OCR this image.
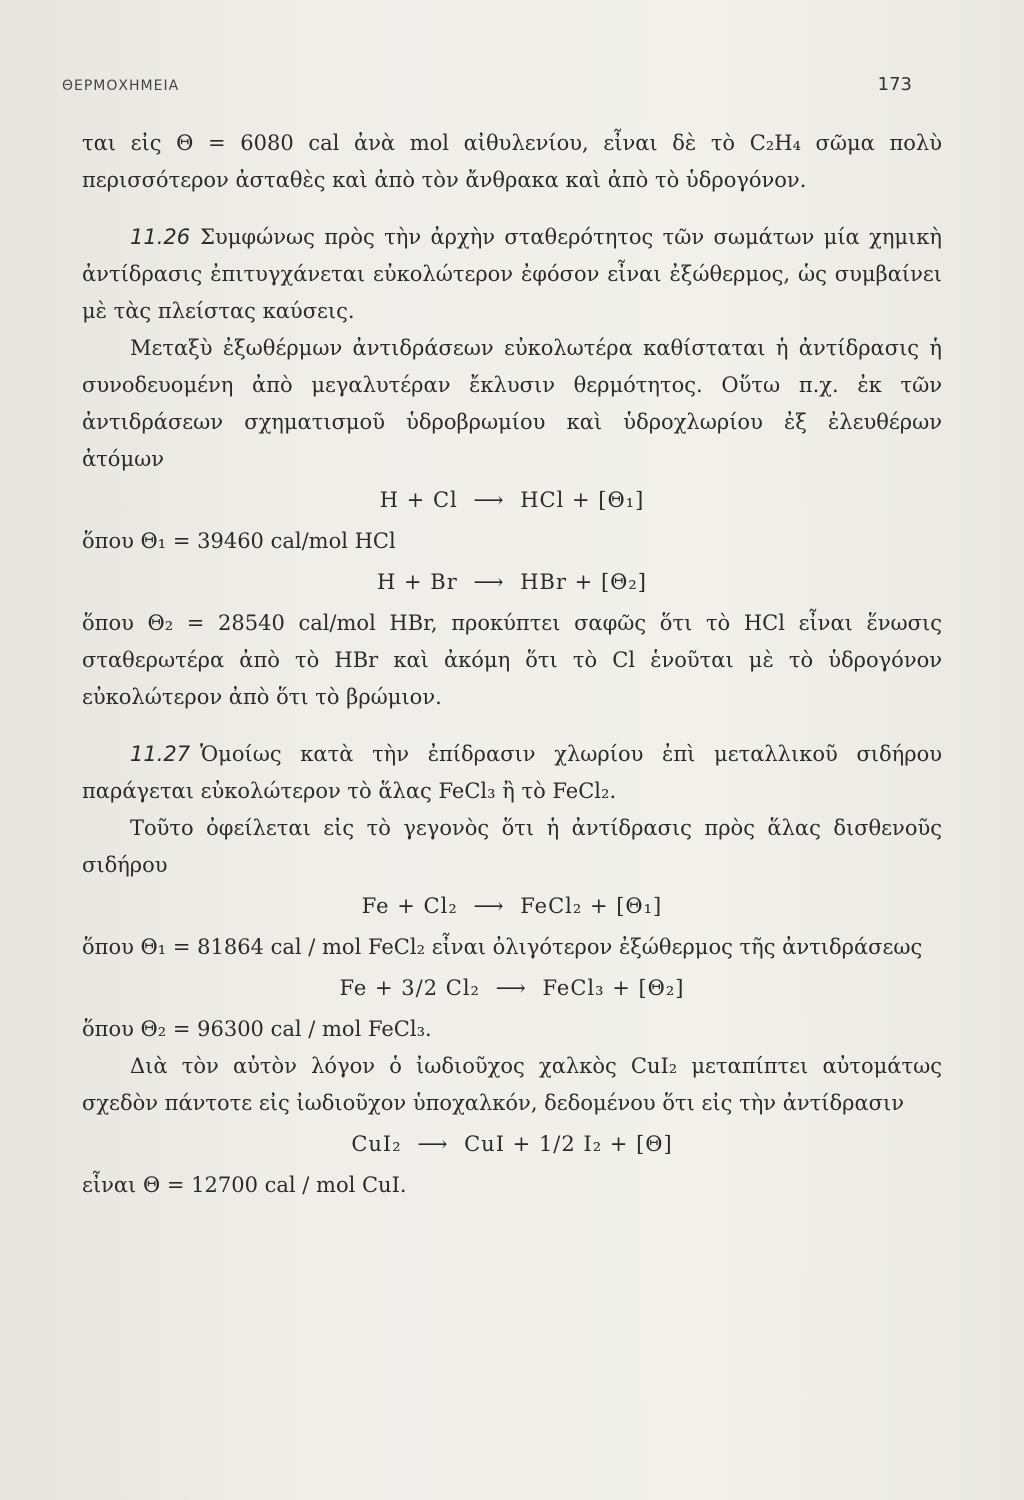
ΘΕΡΜΟΧΗΜΕΙΑ	173

ται εἰς Θ = 6080 cal ἀνὰ mol αἰθυλενίου, εἶναι δὲ τὸ C₂H₄ σῶμα πολὺ περισσότερον ἀσταθὲς καὶ ἀπὸ τὸν ἄνθρακα καὶ ἀπὸ τὸ ὑδρογόνον.

11.26 Συμφώνως πρὸς τὴν ἀρχὴν σταθερότητος τῶν σωμάτων μία χημικὴ ἀντίδρασις ἐπιτυγχάνεται εὐκολώτερον ἐφόσον εἶναι ἐξώθερμος, ὡς συμβαίνει μὲ τὰς πλείστας καύσεις.

Μεταξὺ ἐξωθέρμων ἀντιδράσεων εὐκολωτέρα καθίσταται ἡ ἀντίδρασις ἡ συνοδευομένη ἀπὸ μεγαλυτέραν ἔκλυσιν θερμότητος. Οὕτω π.χ. ἐκ τῶν ἀντιδράσεων σχηματισμοῦ ὑδροβρωμίου καὶ ὑδροχλωρίου ἐξ ἐλευθέρων ἀτόμων

H + Cl ⟶ HCl + [Θ₁]

ὅπου Θ₁ = 39460 cal/mol HCl

H + Br ⟶ HBr + [Θ₂]

ὅπου Θ₂ = 28540 cal/mol HBr, προκύπτει σαφῶς ὅτι τὸ HCl εἶναι ἕνωσις σταθερωτέρα ἀπὸ τὸ HBr καὶ ἀκόμη ὅτι τὸ Cl ἑνοῦται μὲ τὸ ὑδρογόνον εὐκολώτερον ἀπὸ ὅτι τὸ βρώμιον.

11.27 Ὁμοίως κατὰ τὴν ἐπίδρασιν χλωρίου ἐπὶ μεταλλικοῦ σιδήρου παράγεται εὐκολώτερον τὸ ἅλας FeCl₃ ἢ τὸ FeCl₂.

Τοῦτο ὀφείλεται εἰς τὸ γεγονὸς ὅτι ἡ ἀντίδρασις πρὸς ἅλας δισθενοῦς σιδήρου

Fe + Cl₂ ⟶ FeCl₂ + [Θ₁]

ὅπου Θ₁ = 81864 cal / mol FeCl₂ εἶναι ὀλιγότερον ἐξώθερμος τῆς ἀντιδράσεως

Fe + 3/2 Cl₂ ⟶ FeCl₃ + [Θ₂]

ὅπου Θ₂ = 96300 cal / mol FeCl₃.

Διὰ τὸν αὐτὸν λόγον ὁ ἰωδιοῦχος χαλκὸς CuI₂ μεταπίπτει αὐτομάτως σχεδὸν πάντοτε εἰς ἰωδιοῦχον ὑποχαλκόν, δεδομένου ὅτι εἰς τὴν ἀντίδρασιν

CuI₂ ⟶ CuI + 1/2 I₂ + [Θ]

εἶναι Θ = 12700 cal / mol CuI.
